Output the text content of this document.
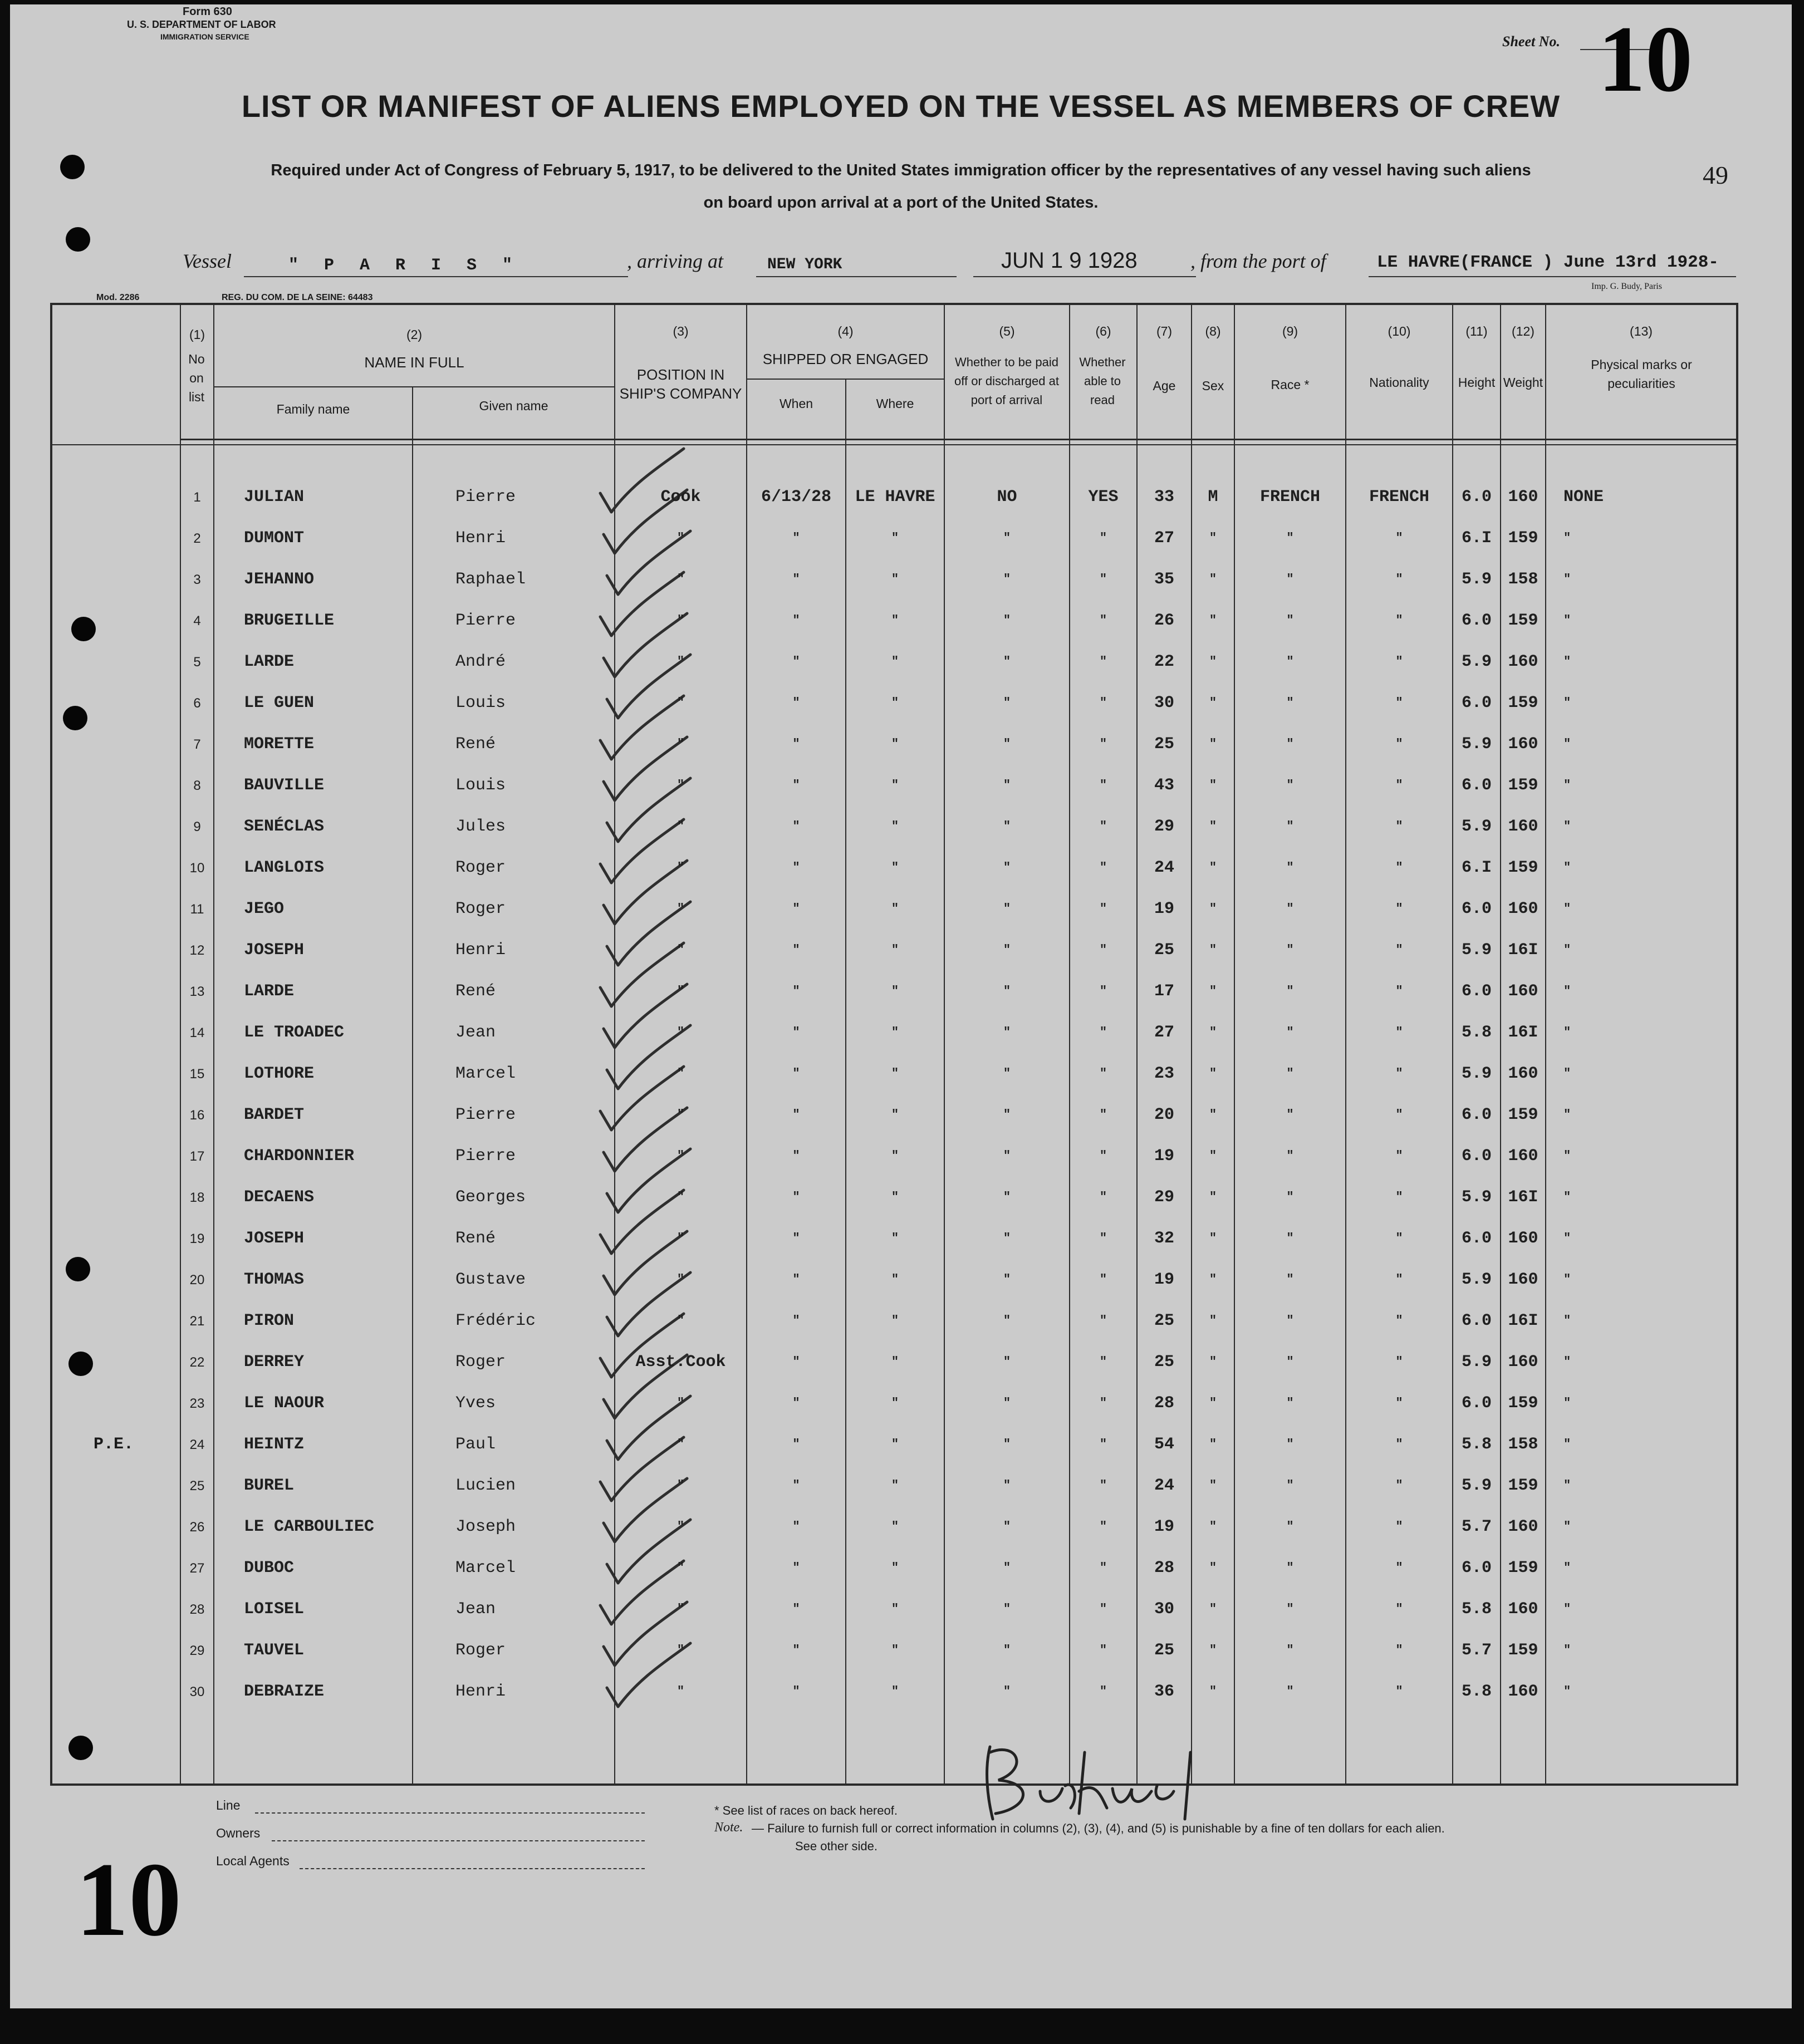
Form 630
U. S. DEPARTMENT OF LABOR
IMMIGRATION SERVICE	Sheet No. 10
LIST OR MANIFEST OF ALIENS EMPLOYED ON THE VESSEL AS MEMBERS OF CREW
Required under Act of Congress of February 5, 1917, to be delivered to the United States immigration officer by the representatives of any vessel having such aliens
on board upon arrival at a port of the United States.
49
Vessel	" P A R I S "	, arriving at	NEW YORK	JUN 1 9 1928	, from the port of	LE HAVRE(FRANCE ) June 13rd 1928-
Mod. 2286	REG. DU COM. DE LA SEINE: 64483
Imp. G. Budy, Paris
(1)
No on list
(2)
NAME IN FULL
Family name	Given name
(3)
POSITION IN SHIP'S COMPANY
(4)
SHIPPED OR ENGAGED
When	Where
(5)
Whether to be paid off or discharged at port of arrival
(6)
Whether able to read
(7)
Age
(8)
Sex
(9)
Race *
(10)
Nationality
(11)
Height
(12)
Weight
(13)
Physical marks or peculiarities
1	JULIAN	Pierre	Cook	6/13/28	LE HAVRE	NO	YES	33	M	FRENCH	FRENCH	6.0 160	NONE
2	DUMONT	Henri	"	"	"	"	"	27	"	"	"	6.I 159	"
3	JEHANNO	Raphael	"	"	"	"	"	35	"	"	"	5.9 158	"
4	BRUGEILLE	Pierre	"	"	"	"	"	26	"	"	"	6.0 159	"
5	LARDE	André	"	"	"	"	"	22	"	"	"	5.9 160	"
6	LE GUEN	Louis	"	"	"	"	"	30	"	"	"	6.0 159	"
7	MORETTE	René	"	"	"	"	"	25	"	"	"	5.9 160	"
8	BAUVILLE	Louis	"	"	"	"	"	43	"	"	"	6.0 159	"
9	SENÉCLAS	Jules	"	"	"	"	"	29	"	"	"	5.9 160	"
10	LANGLOIS	Roger	"	"	"	"	"	24	"	"	"	6.I 159	"
11	JEGO	Roger	"	"	"	"	"	19	"	"	"	6.0 160	"
12	JOSEPH	Henri	"	"	"	"	"	25	"	"	"	5.9 16I	"
13	LARDE	René	"	"	"	"	"	17	"	"	"	6.0 160	"
14	LE TROADEC	Jean	"	"	"	"	"	27	"	"	"	5.8 16I	"
15	LOTHORE	Marcel	"	"	"	"	"	23	"	"	"	5.9 160	"
16	BARDET	Pierre	"	"	"	"	"	20	"	"	"	6.0 159	"
17	CHARDONNIER	Pierre	"	"	"	"	"	19	"	"	"	6.0 160	"
18	DECAENS	Georges	"	"	"	"	"	29	"	"	"	5.9 16I	"
19	JOSEPH	René	"	"	"	"	"	32	"	"	"	6.0 160	"
20	THOMAS	Gustave	"	"	"	"	"	19	"	"	"	5.9 160	"
21	PIRON	Frédéric	"	"	"	"	"	25	"	"	"	6.0 16I	"
22	DERREY	Roger	Asst.Cook	"	"	"	"	25	"	"	"	5.9 160	"
23	LE NAOUR	Yves	"	"	"	"	"	28	"	"	"	6.0 159	"
24	HEINTZ	Paul	"	"	"	"	"	54	"	"	"	5.8 158	"
25	BUREL	Lucien	"	"	"	"	"	24	"	"	"	5.9 159	"
26	LE CARBOULIEC	Joseph	"	"	"	"	"	19	"	"	"	5.7 160	"
27	DUBOC	Marcel	"	"	"	"	"	28	"	"	"	6.0 159	"
28	LOISEL	Jean	"	"	"	"	"	30	"	"	"	5.8 160	"
29	TAUVEL	Roger	"	"	"	"	"	25	"	"	"	5.7 159	"
30	DEBRAIZE	Henri	"	"	"	"	"	36	"	"	"	5.8 160	"
P.E.
Line
Owners
Local Agents
* See list of races on back hereof.
Note. — Failure to furnish full or correct information in columns (2), (3), (4), and (5) is punishable by a fine of ten dollars for each alien.
See other side.
10
